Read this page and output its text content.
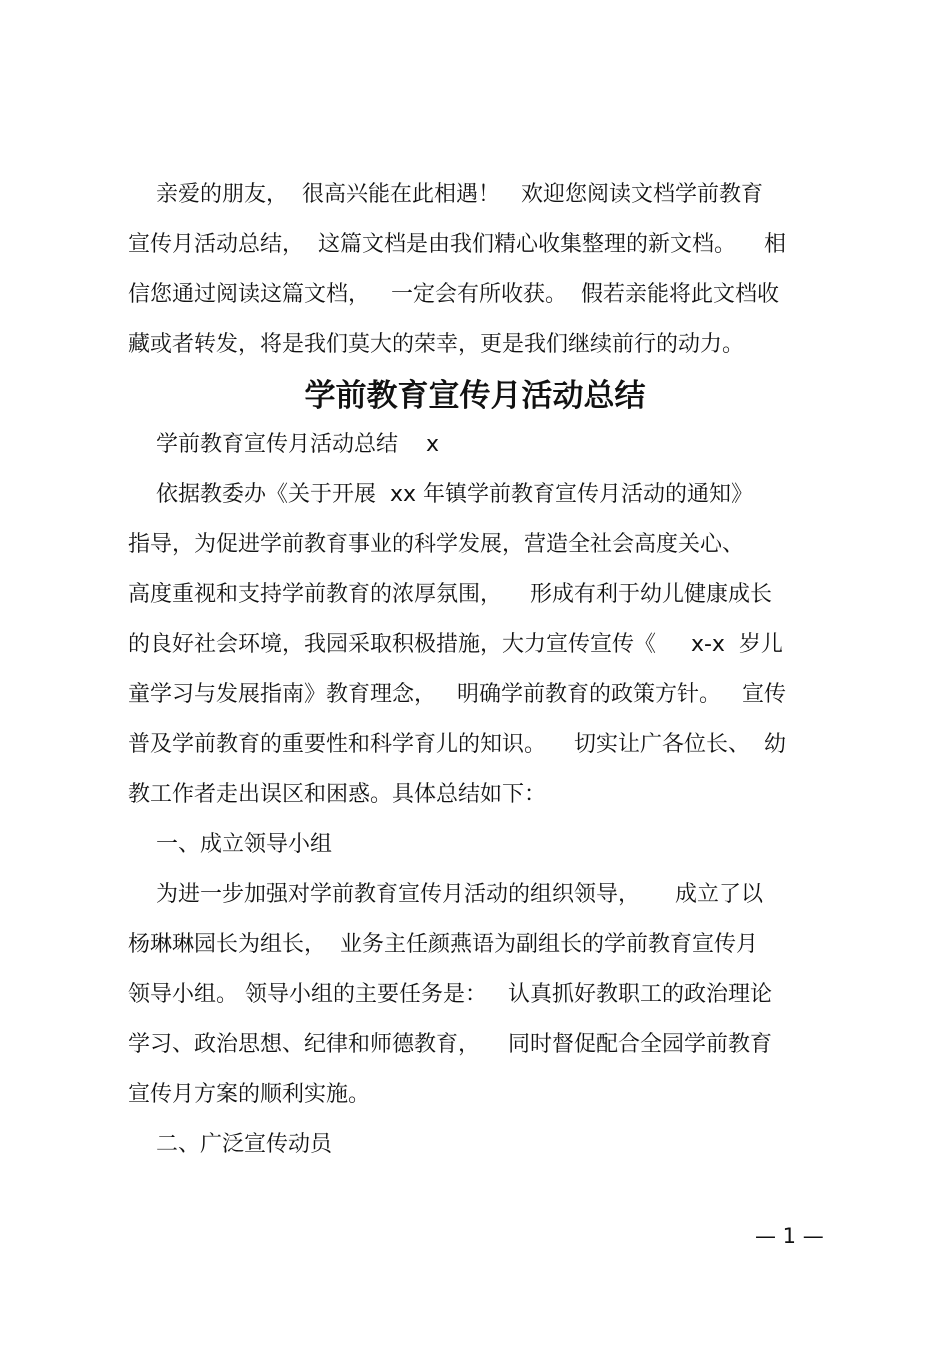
亲爱的朋友，  很高兴能在此相遇！   欢迎您阅读文档学前教育

宣传月活动总结，  这篇文档是由我们精心收集整理的新文档。    相

信您通过阅读这篇文档，   一定会有所收获。  假若亲能将此文档收

藏或者转发，将是我们莫大的荣幸，更是我们继续前行的动力。

学前教育宣传月活动总结

学前教育宣传月活动总结    x

依据教委办《关于开展  xx 年镇学前教育宣传月活动的通知》

指导，为促进学前教育事业的科学发展，营造全社会高度关心、

高度重视和支持学前教育的浓厚氛围，    形成有利于幼儿健康成长

的良好社会环境，我园采取积极措施，大力宣传宣传《     x-x  岁儿

童学习与发展指南》教育理念，   明确学前教育的政策方针。   宣传

普及学前教育的重要性和科学育儿的知识。    切实让广各位长、  幼

教工作者走出误区和困惑。具体总结如下：

一、成立领导小组

为进一步加强对学前教育宣传月活动的组织领导，     成立了以

杨琳琳园长为组长，  业务主任颜燕语为副组长的学前教育宣传月

领导小组。 领导小组的主要任务是：   认真抓好教职工的政治理论

学习、政治思想、纪律和师德教育，    同时督促配合全园学前教育

宣传月方案的顺利实施。

二、广泛宣传动员

— 1 —
